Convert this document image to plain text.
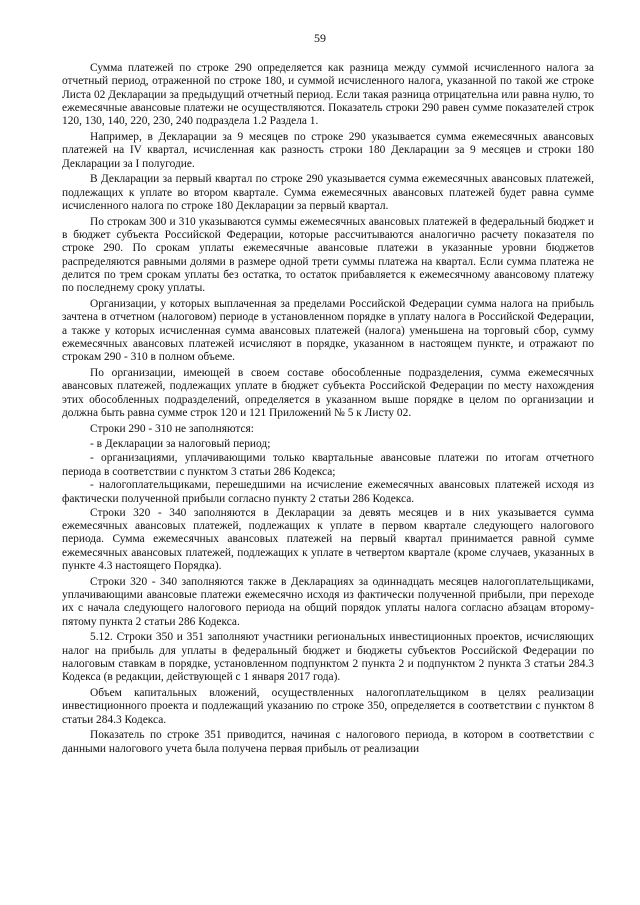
59

Сумма платежей по строке 290 определяется как разница между суммой исчисленного налога за отчетный период, отраженной по строке 180, и суммой исчисленного налога, указанной по такой же строке Листа 02 Декларации за предыдущий отчетный период. Если такая разница отрицательна или равна нулю, то ежемесячные авансовые платежи не осуществляются. Показатель строки 290 равен сумме показателей строк 120, 130, 140, 220, 230, 240 подраздела 1.2 Раздела 1.

Например, в Декларации за 9 месяцев по строке 290 указывается сумма ежемесячных авансовых платежей на IV квартал, исчисленная как разность строки 180 Декларации за 9 месяцев и строки 180 Декларации за I полугодие.

В Декларации за первый квартал по строке 290 указывается сумма ежемесячных авансовых платежей, подлежащих к уплате во втором квартале. Сумма ежемесячных авансовых платежей будет равна сумме исчисленного налога по строке 180 Декларации за первый квартал.

По строкам 300 и 310 указываются суммы ежемесячных авансовых платежей в федеральный бюджет и в бюджет субъекта Российской Федерации, которые рассчитываются аналогично расчету показателя по строке 290. По срокам уплаты ежемесячные авансовые платежи в указанные уровни бюджетов распределяются равными долями в размере одной трети суммы платежа на квартал. Если сумма платежа не делится по трем срокам уплаты без остатка, то остаток прибавляется к ежемесячному авансовому платежу по последнему сроку уплаты.

Организации, у которых выплаченная за пределами Российской Федерации сумма налога на прибыль зачтена в отчетном (налоговом) периоде в установленном порядке в уплату налога в Российской Федерации, а также у которых исчисленная сумма авансовых платежей (налога) уменьшена на торговый сбор, сумму ежемесячных авансовых платежей исчисляют в порядке, указанном в настоящем пункте, и отражают по строкам 290 - 310 в полном объеме.

По организации, имеющей в своем составе обособленные подразделения, сумма ежемесячных авансовых платежей, подлежащих уплате в бюджет субъекта Российской Федерации по месту нахождения этих обособленных подразделений, определяется в указанном выше порядке в целом по организации и должна быть равна сумме строк 120 и 121 Приложений № 5 к Листу 02.

Строки 290 - 310 не заполняются:

- в Декларации за налоговый период;

- организациями, уплачивающими только квартальные авансовые платежи по итогам отчетного периода в соответствии с пунктом 3 статьи 286 Кодекса;

- налогоплательщиками, перешедшими на исчисление ежемесячных авансовых платежей исходя из фактически полученной прибыли согласно пункту 2 статьи 286 Кодекса.

Строки 320 - 340 заполняются в Декларации за девять месяцев и в них указывается сумма ежемесячных авансовых платежей, подлежащих к уплате в первом квартале следующего налогового периода. Сумма ежемесячных авансовых платежей на первый квартал принимается равной сумме ежемесячных авансовых платежей, подлежащих к уплате в четвертом квартале (кроме случаев, указанных в пункте 4.3 настоящего Порядка).

Строки 320 - 340 заполняются также в Декларациях за одиннадцать месяцев налогоплательщиками, уплачивающими авансовые платежи ежемесячно исходя из фактически полученной прибыли, при переходе их с начала следующего налогового периода на общий порядок уплаты налога согласно абзацам второму-пятому пункта 2 статьи 286 Кодекса.

5.12. Строки 350 и 351 заполняют участники региональных инвестиционных проектов, исчисляющих налог на прибыль для уплаты в федеральный бюджет и бюджеты субъектов Российской Федерации по налоговым ставкам в порядке, установленном подпунктом 2 пункта 2 и подпунктом 2 пункта 3 статьи 284.3 Кодекса (в редакции, действующей с 1 января 2017 года).

Объем капитальных вложений, осуществленных налогоплательщиком в целях реализации инвестиционного проекта и подлежащий указанию по строке 350, определяется в соответствии с пунктом 8 статьи 284.3 Кодекса.

Показатель по строке 351 приводится, начиная с налогового периода, в котором в соответствии с данными налогового учета была получена первая прибыль от реализации
